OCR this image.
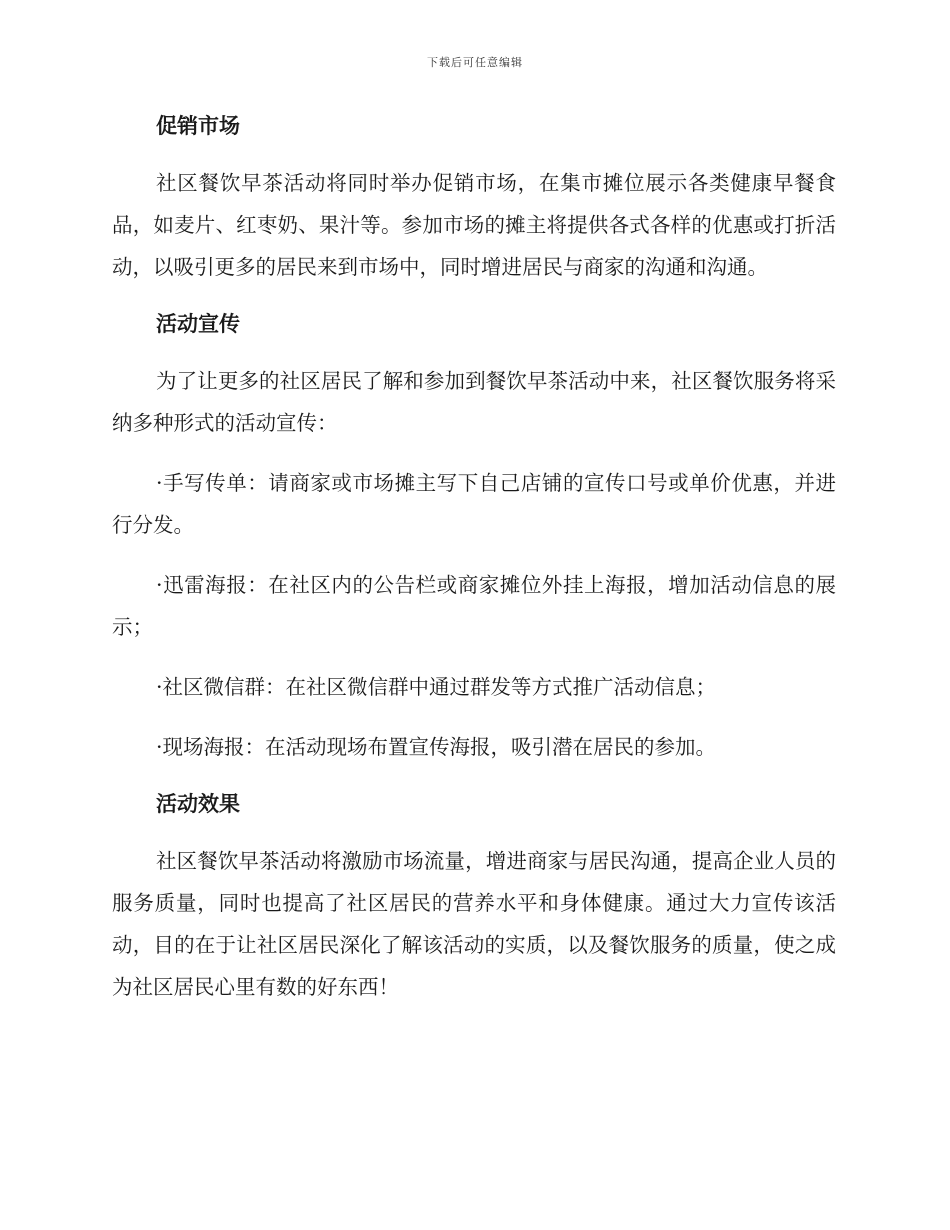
下载后可任意编辑
促销市场

社区餐饮早茶活动将同时举办促销市场，在集市摊位展示各类健康早餐食品，如麦片、红枣奶、果汁等。参加市场的摊主将提供各式各样的优惠或打折活动，以吸引更多的居民来到市场中，同时增进居民与商家的沟通和沟通。

活动宣传

为了让更多的社区居民了解和参加到餐饮早茶活动中来，社区餐饮服务将采纳多种形式的活动宣传：

·手写传单：请商家或市场摊主写下自己店铺的宣传口号或单价优惠，并进行分发。

·迅雷海报：在社区内的公告栏或商家摊位外挂上海报，增加活动信息的展示；

·社区微信群：在社区微信群中通过群发等方式推广活动信息；

·现场海报：在活动现场布置宣传海报，吸引潜在居民的参加。

活动效果

社区餐饮早茶活动将激励市场流量，增进商家与居民沟通，提高企业人员的服务质量，同时也提高了社区居民的营养水平和身体健康。通过大力宣传该活动，目的在于让社区居民深化了解该活动的实质，以及餐饮服务的质量，使之成为社区居民心里有数的好东西！
